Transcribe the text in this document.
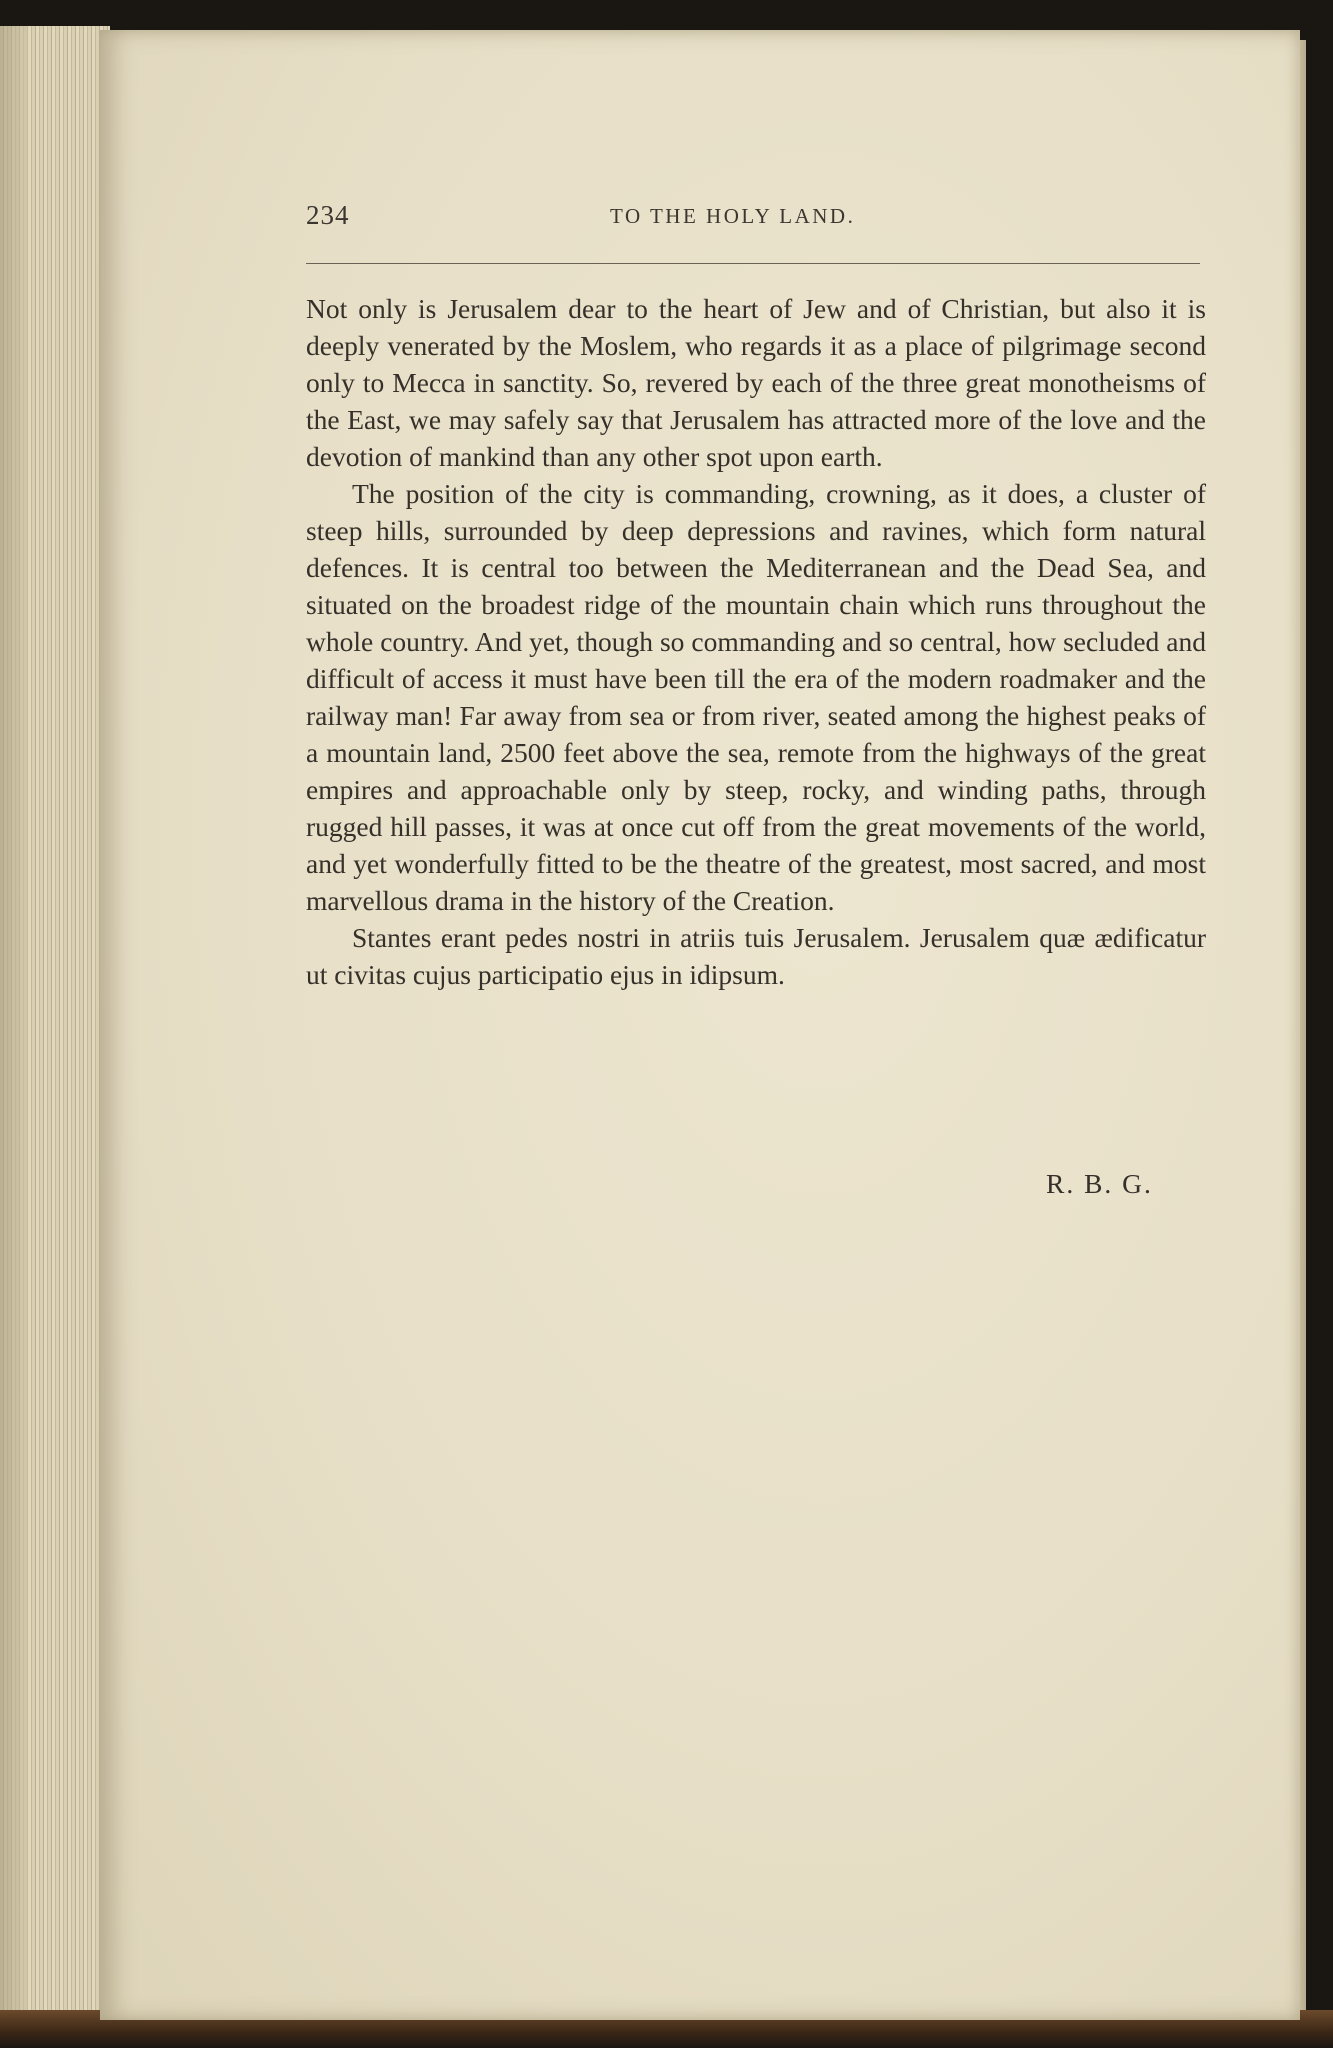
234	TO THE HOLY LAND.

Not only is Jerusalem dear to the heart of Jew and of Christian, but also it is deeply venerated by the Moslem, who regards it as a place of pilgrimage second only to Mecca in sanctity. So, revered by each of the three great monotheisms of the East, we may safely say that Jerusalem has attracted more of the love and the devotion of mankind than any other spot upon earth.

The position of the city is commanding, crowning, as it does, a cluster of steep hills, surrounded by deep depressions and ravines, which form natural defences. It is central too between the Mediterranean and the Dead Sea, and situated on the broadest ridge of the mountain chain which runs throughout the whole country. And yet, though so commanding and so central, how secluded and difficult of access it must have been till the era of the modern roadmaker and the railway man! Far away from sea or from river, seated among the highest peaks of a mountain land, 2500 feet above the sea, remote from the highways of the great empires and approachable only by steep, rocky, and winding paths, through rugged hill passes, it was at once cut off from the great movements of the world, and yet wonderfully fitted to be the theatre of the greatest, most sacred, and most marvellous drama in the history of the Creation.

Stantes erant pedes nostri in atriis tuis Jerusalem. Jerusalem quæ ædificatur ut civitas cujus participatio ejus in idipsum.

R. B. G.
